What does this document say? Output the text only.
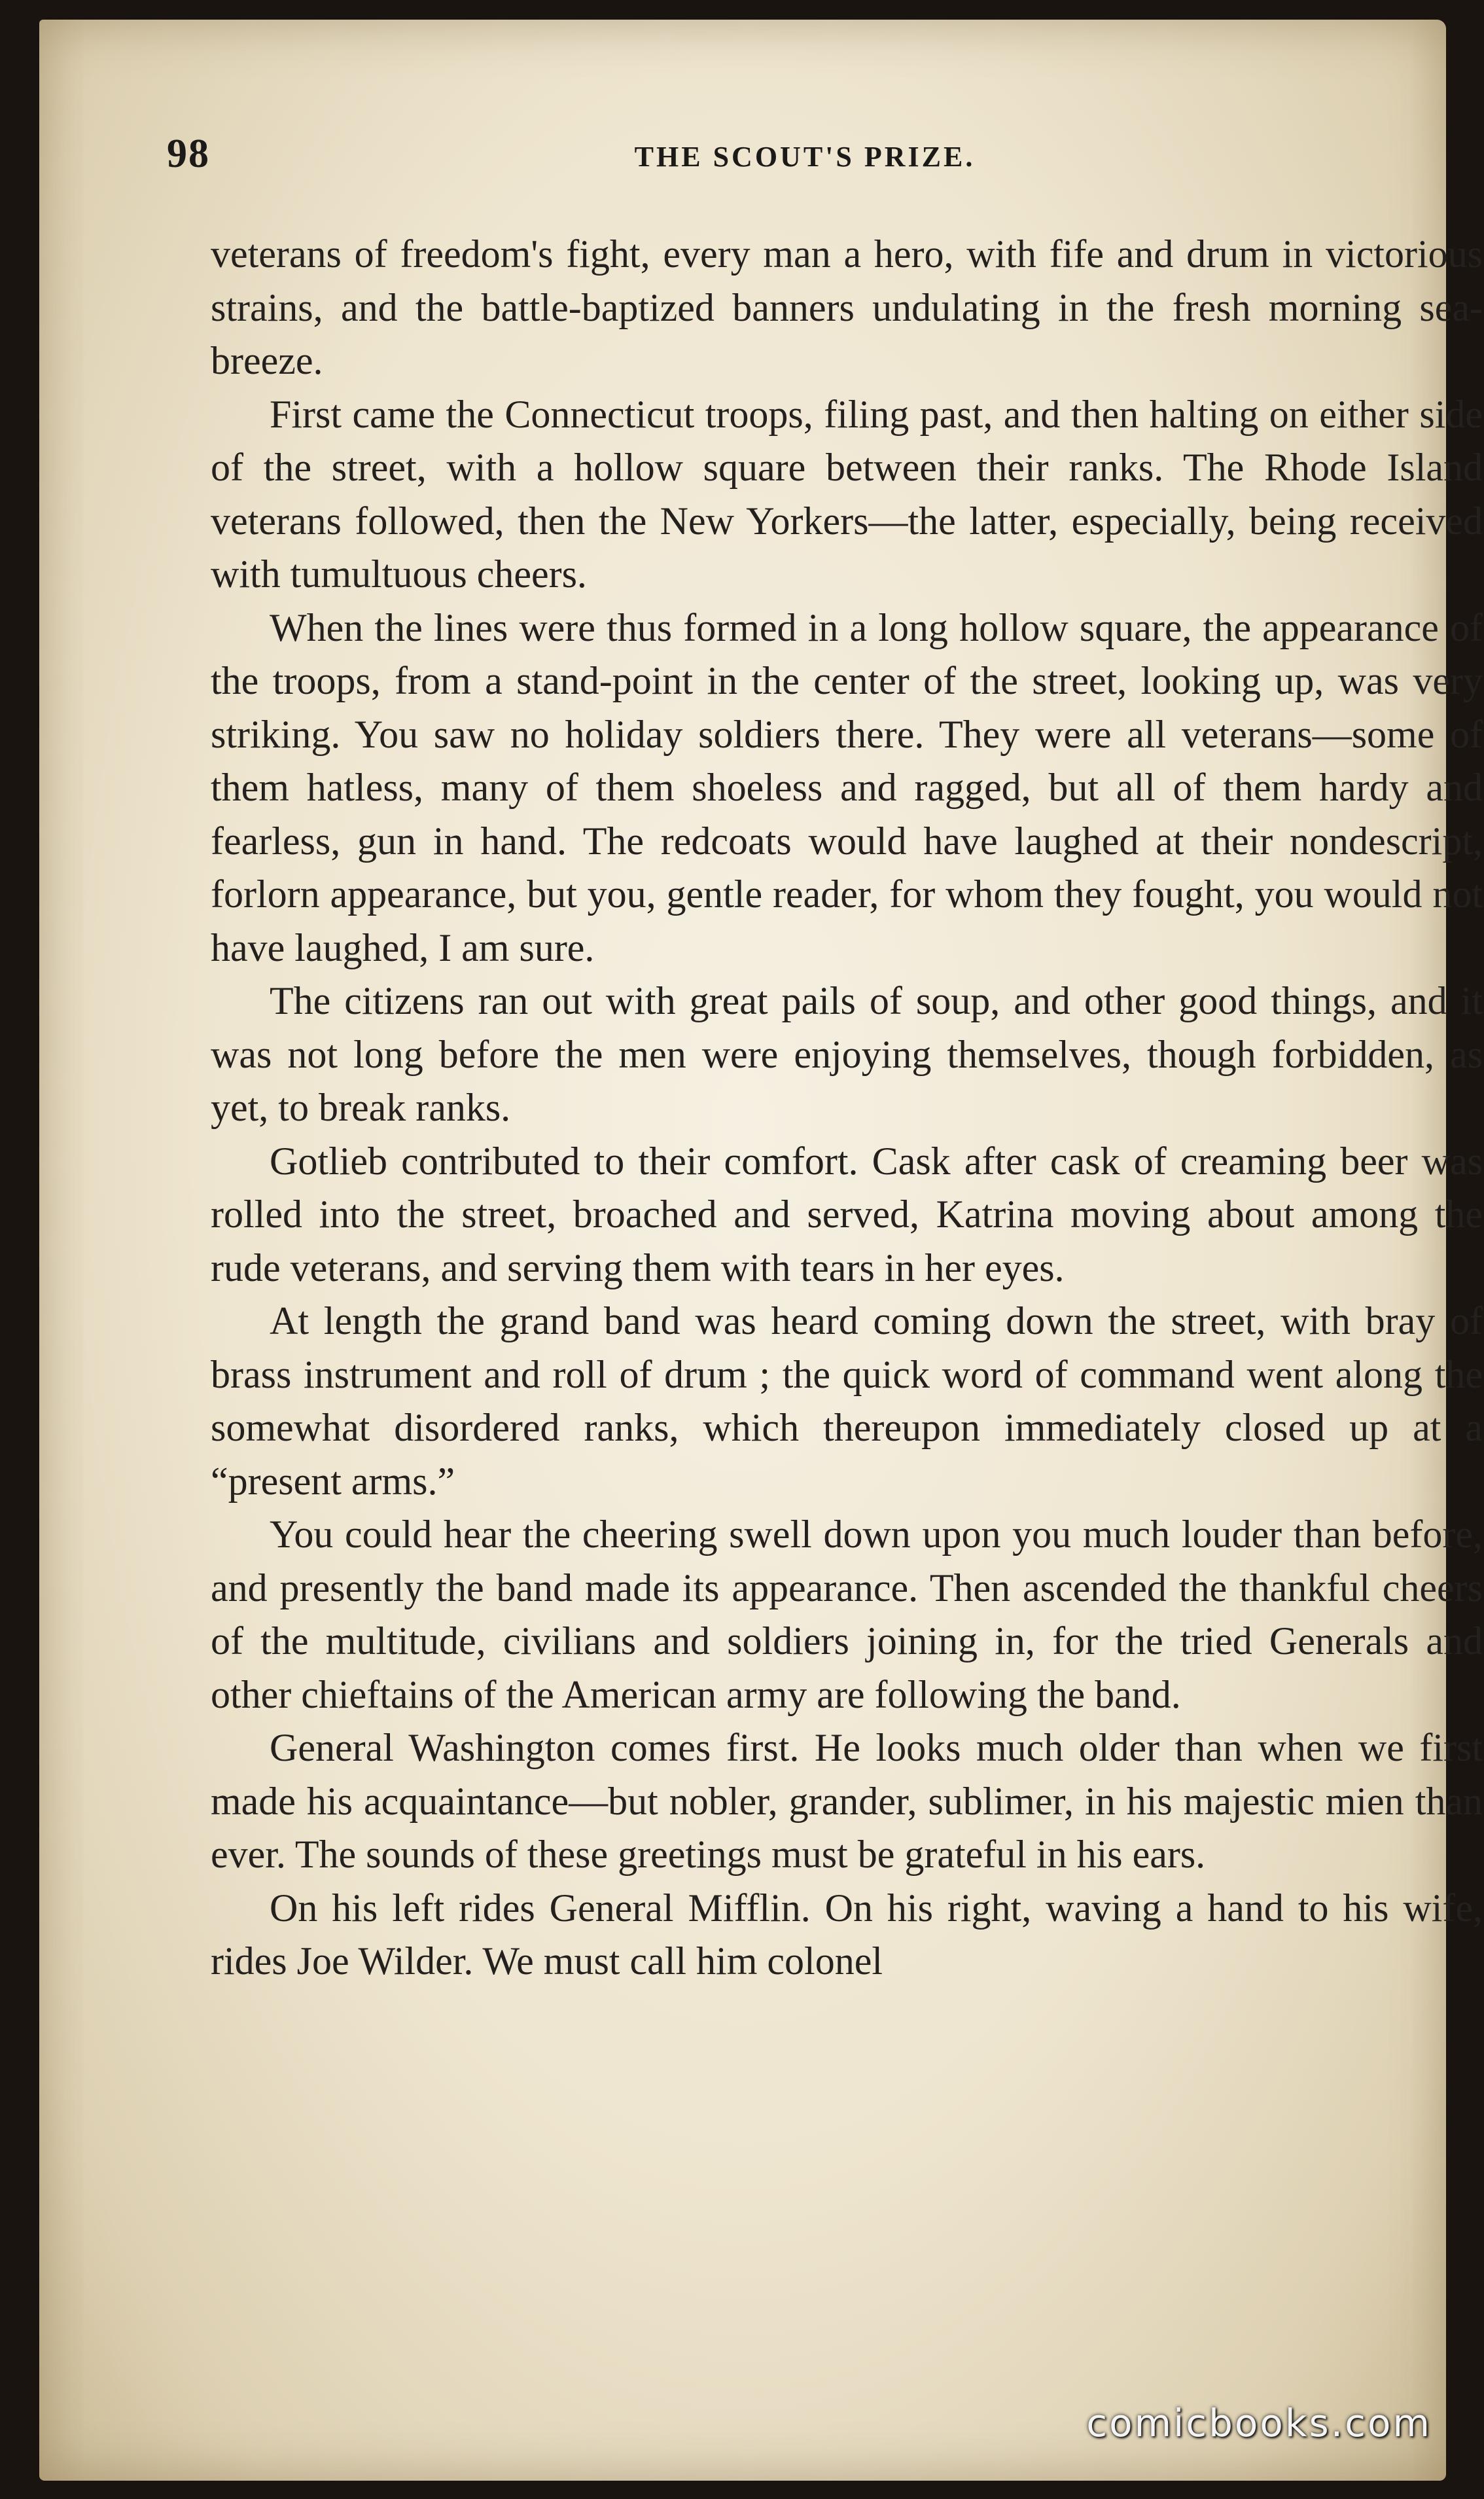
98	THE SCOUT'S PRIZE.

veterans of freedom's fight, every man a hero, with fife and drum in victorious strains, and the battle-baptized banners undulating in the fresh morning sea-breeze.

First came the Connecticut troops, filing past, and then halting on either side of the street, with a hollow square between their ranks. The Rhode Island veterans followed, then the New Yorkers—the latter, especially, being received with tumultuous cheers.

When the lines were thus formed in a long hollow square, the appearance of the troops, from a stand-point in the center of the street, looking up, was very striking. You saw no holiday soldiers there. They were all veterans—some of them hatless, many of them shoeless and ragged, but all of them hardy and fearless, gun in hand. The redcoats would have laughed at their nondescript, forlorn appearance, but you, gentle reader, for whom they fought, you would not have laughed, I am sure.

The citizens ran out with great pails of soup, and other good things, and it was not long before the men were enjoying themselves, though forbidden, as yet, to break ranks.

Gotlieb contributed to their comfort. Cask after cask of creaming beer was rolled into the street, broached and served, Katrina moving about among the rude veterans, and serving them with tears in her eyes.

At length the grand band was heard coming down the street, with bray of brass instrument and roll of drum ; the quick word of command went along the somewhat disordered ranks, which thereupon immediately closed up at a “present arms.”

You could hear the cheering swell down upon you much louder than before, and presently the band made its appearance. Then ascended the thankful cheers of the multitude, civilians and soldiers joining in, for the tried Generals and other chieftains of the American army are following the band.

General Washington comes first. He looks much older than when we first made his acquaintance—but nobler, grander, sublimer, in his majestic mien than ever. The sounds of these greetings must be grateful in his ears.

On his left rides General Mifflin. On his right, waving a hand to his wife, rides Joe Wilder. We must call him colonel

comicbooks.com
